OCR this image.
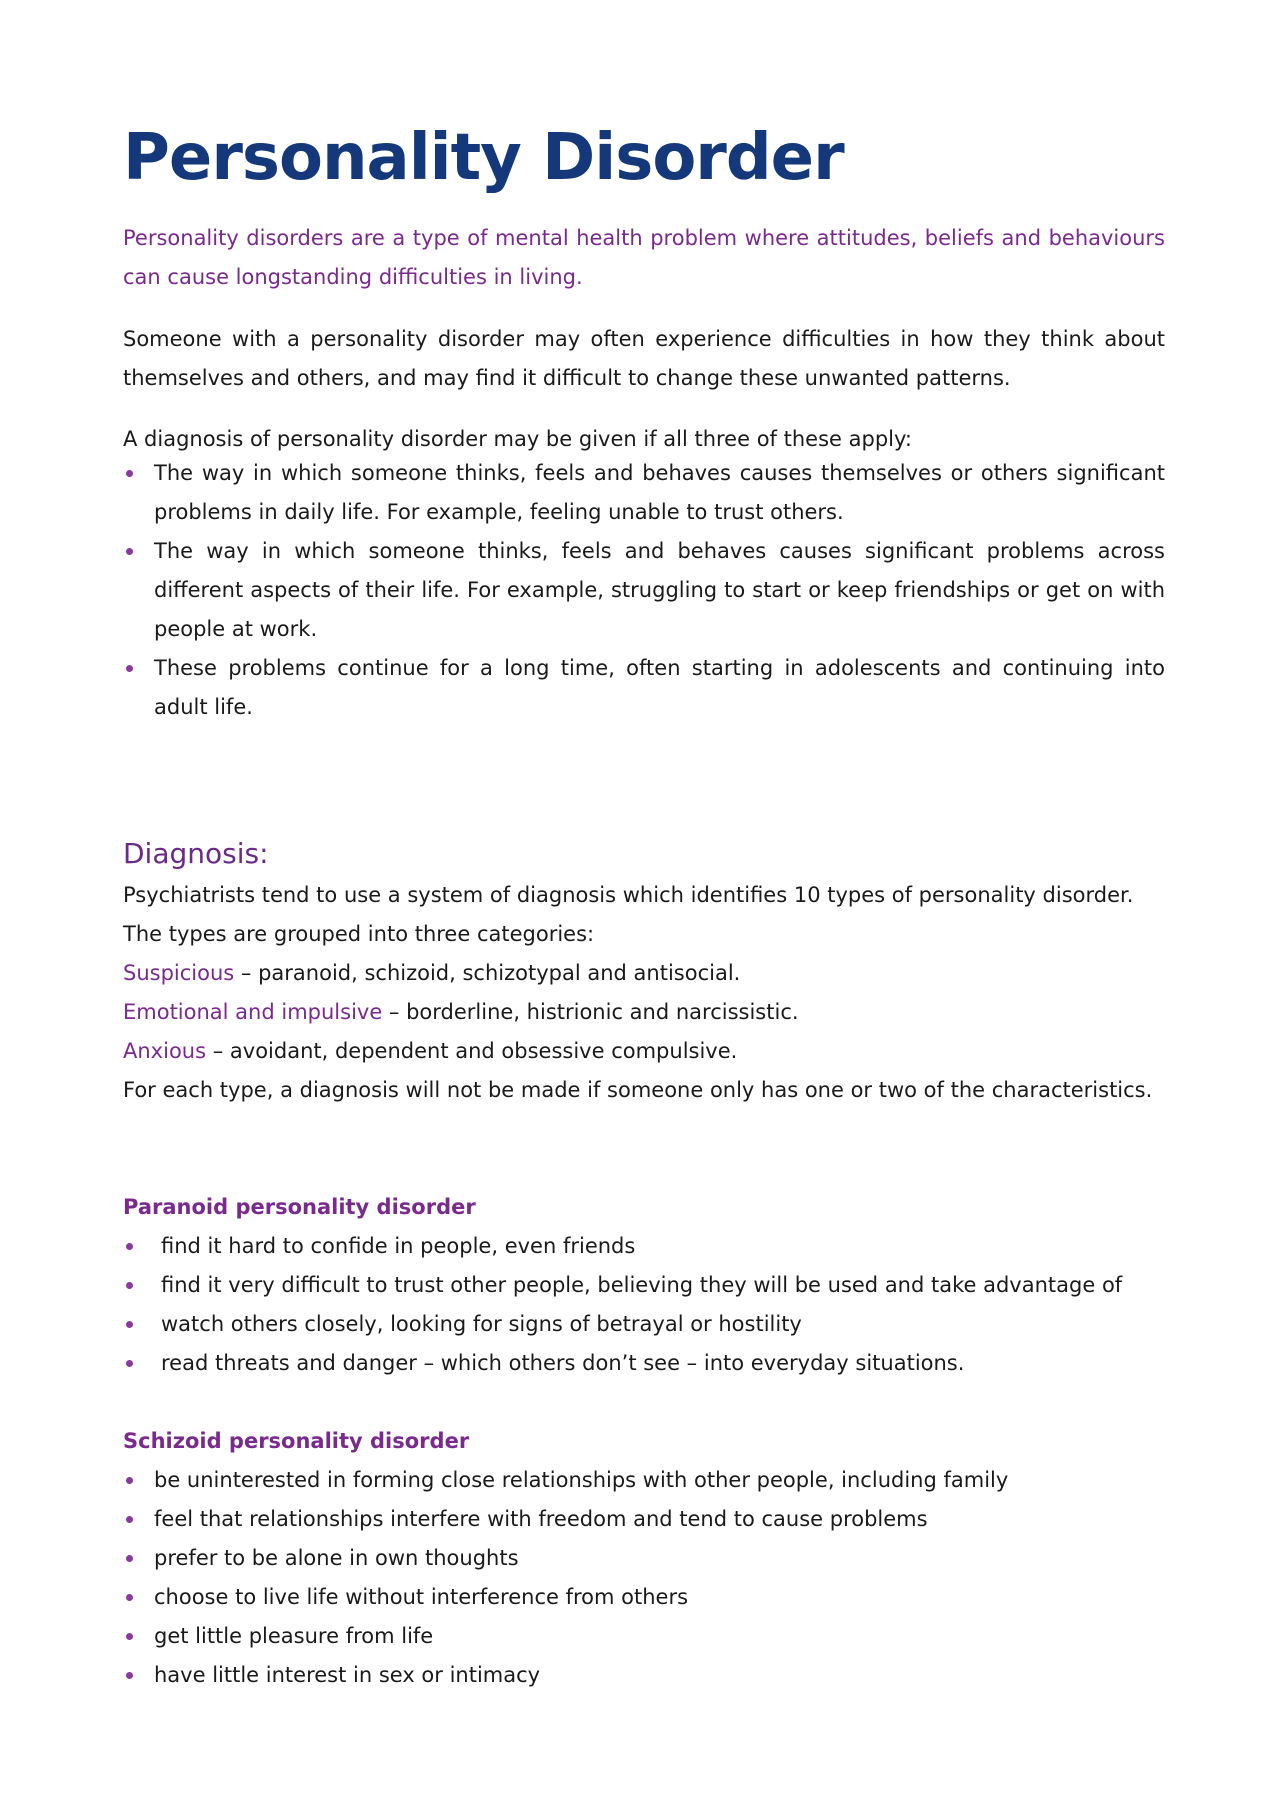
Personality Disorder

Personality disorders are a type of mental health problem where attitudes, beliefs and behaviours can cause longstanding difficulties in living.

Someone with a personality disorder may often experience difficulties in how they think about themselves and others, and may find it difficult to change these unwanted patterns.

A diagnosis of personality disorder may be given if all three of these apply:

The way in which someone thinks, feels and behaves causes themselves or others significant problems in daily life. For example, feeling unable to trust others.
The way in which someone thinks, feels and behaves causes significant problems across different aspects of their life. For example, struggling to start or keep friendships or get on with people at work.
These problems continue for a long time, often starting in adolescents and continuing into adult life.
Diagnosis:
Psychiatrists tend to use a system of diagnosis which identifies 10 types of personality disorder.
The types are grouped into three categories:
Suspicious – paranoid, schizoid, schizotypal and antisocial.
Emotional and impulsive – borderline, histrionic and narcissistic.
Anxious – avoidant, dependent and obsessive compulsive.
For each type, a diagnosis will not be made if someone only has one or two of the characteristics.
Paranoid personality disorder
find it hard to confide in people, even friends
find it very difficult to trust other people, believing they will be used and take advantage of
watch others closely, looking for signs of betrayal or hostility
read threats and danger – which others don’t see – into everyday situations.
Schizoid personality disorder
be uninterested in forming close relationships with other people, including family
feel that relationships interfere with freedom and tend to cause problems
prefer to be alone in own thoughts
choose to live life without interference from others
get little pleasure from life
have little interest in sex or intimacy
